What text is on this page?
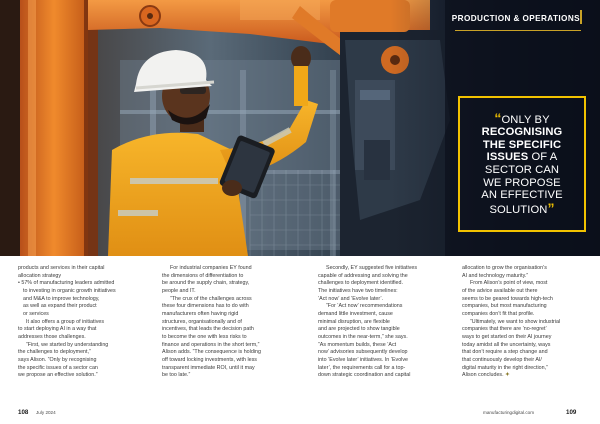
PRODUCTION & OPERATIONS
“ONLY BY
RECOGNISING
THE SPECIFIC
ISSUES OF A
SECTOR CAN
WE PROPOSE
AN EFFECTIVE
SOLUTION”

products and services in their capital

allocation strategy

• 57% of manufacturing leaders admitted

to investing in organic growth initiatives

and M&A to improve technology,

as well as expand their product

or services

It also offers a group of initiatives

to start deploying AI in a way that

addresses those challenges.

“First, we started by understanding

the challenges to deployment,”

says Alison. “Only by recognising

the specific issues of a sector can

we propose an effective solution.”

For industrial companies EY found

the dimensions of differentiation to

be around the supply chain, strategy,

people and IT.

“The crux of the challenges across

these four dimensions has to do with

manufacturers often having rigid

structures, organisationally and of

incentives, that leads the decision path

to become the one with less risks to

finance and operations in the short term,”

Alison adds. “The consequence is holding

off toward locking investments, with less

transparent immediate ROI, until it may

be too late.”

Secondly, EY suggested five initiatives

capable of addressing and solving the

challenges to deployment identified.

The initiatives have two timelines:

‘Act now’ and ‘Evolve later’.

“For ‘Act now’ recommendations

demand little investment, cause

minimal disruption, are flexible

and are projected to show tangible

outcomes in the near-term,” she says.

“As momentum builds, these ‘Act

now’ advisories subsequently develop

into ‘Evolve later’ initiatives. In ‘Evolve

later’, the requirements call for a top-

down strategic coordination and capital

allocation to grow the organisation’s

AI and technology maturity.”

From Alison’s point of view, most

of the advice available out there

seems to be geared towards high-tech

companies, but most manufacturing

companies don’t fit that profile.

“Ultimately, we want to show industrial

companies that there are ‘no-regret’

ways to get started on their AI journey

today amidst all the uncertainty, ways

that don’t require a step change and

that continuously develop their AI/

digital maturity in the right direction,”

Alison concludes. ✦

108 July 2024	manufacturingdigital.com	109
